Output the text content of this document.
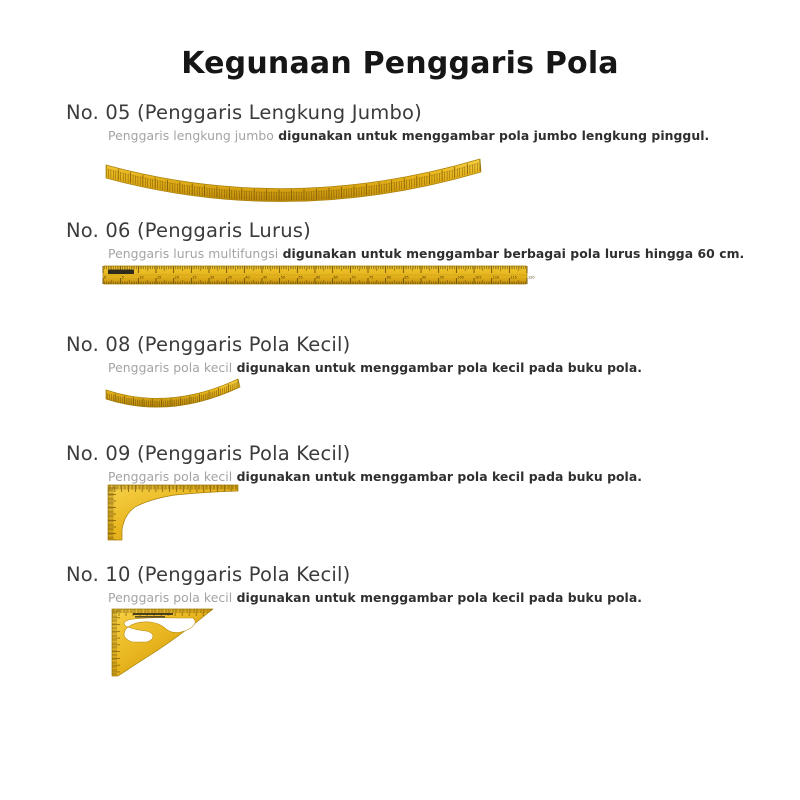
Kegunaan Penggaris Pola
No. 05 (Penggaris Lengkung Jumbo)
Penggaris lengkung jumbo digunakan untuk menggambar pola jumbo lengkung pinggul.
No. 06 (Penggaris Lurus)
Penggaris lurus multifungsi digunakan untuk menggambar berbagai pola lurus hingga 60 cm.
0	5	10	15	20	25	30	35	40	45	50	55	60	65	70	75	80	85	90	95	100	105	110	115	120
No. 08 (Penggaris Pola Kecil)
Penggaris pola kecil digunakan untuk menggambar pola kecil pada buku pola.
No. 09 (Penggaris Pola Kecil)
Penggaris pola kecil digunakan untuk menggambar pola kecil pada buku pola.
No. 10 (Penggaris Pola Kecil)
Penggaris pola kecil digunakan untuk menggambar pola kecil pada buku pola.
